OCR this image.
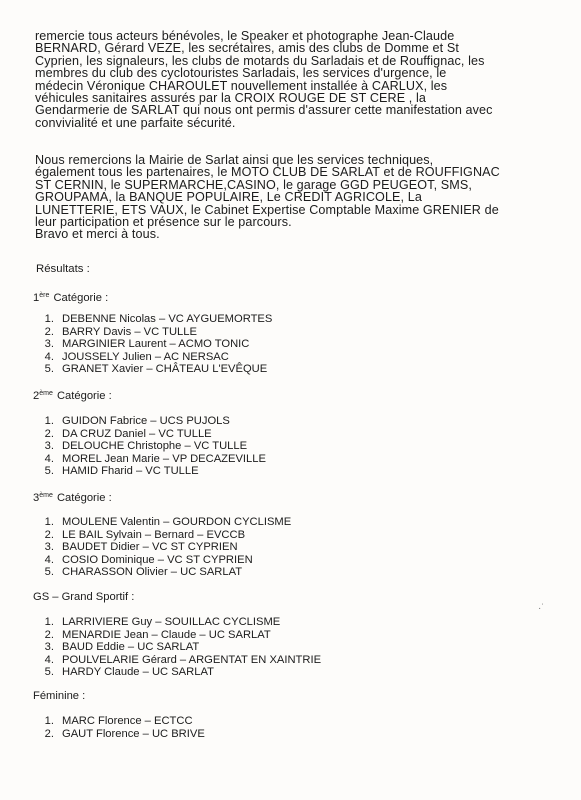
remercie tous acteurs bénévoles, le Speaker et photographe Jean-Claude
BERNARD, Gérard VEZE, les secrétaires, amis des clubs de Domme et St
Cyprien, les signaleurs, les clubs de motards du Sarladais et de Rouffignac, les
membres du club des cyclotouristes Sarladais, les services d'urgence, le
médecin Véronique CHAROULET nouvellement installée à CARLUX, les
véhicules sanitaires assurés par la CROIX ROUGE DE ST CERE , la
Gendarmerie de SARLAT qui nous ont permis d'assurer cette manifestation avec
convivialité et une parfaite sécurité.
Nous remercions la Mairie de Sarlat ainsi que les services techniques,
également tous les partenaires, le MOTO CLUB DE SARLAT et de ROUFFIGNAC
ST CERNIN, le SUPERMARCHE,CASINO, le garage GGD PEUGEOT, SMS,
GROUPAMA, la BANQUE POPULAIRE, Le CREDIT AGRICOLE, La
LUNETTERIE, ETS VAUX, le Cabinet Expertise Comptable Maxime GRENIER de
leur participation et présence sur le parcours.
Bravo et merci à tous.
Résultats :
1ère Catégorie :
1. DEBENNE Nicolas – VC AYGUEMORTES
2. BARRY Davis – VC TULLE
3. MARGINIER Laurent – ACMO TONIC
4. JOUSSELY Julien – AC NERSAC
5. GRANET Xavier – CHÂTEAU L'EVÊQUE
2ème Catégorie :
1. GUIDON Fabrice – UCS PUJOLS
2. DA CRUZ Daniel – VC TULLE
3. DELOUCHE Christophe – VC TULLE
4. MOREL Jean Marie – VP DECAZEVILLE
5. HAMID Fharid – VC TULLE
3ème Catégorie :
1. MOULENE Valentin – GOURDON CYCLISME
2. LE BAIL Sylvain – Bernard – EVCCB
3. BAUDET Didier – VC ST CYPRIEN
4. COSIO Dominique – VC ST CYPRIEN
5. CHARASSON Olivier – UC SARLAT
GS – Grand Sportif :
1. LARRIVIERE Guy – SOUILLAC CYCLISME
2. MENARDIE Jean – Claude – UC SARLAT
3. BAUD Eddie – UC SARLAT
4. POULVELARIE Gérard – ARGENTAT EN XAINTRIE
5. HARDY Claude – UC SARLAT
Féminine :
1. MARC Florence – ECTCC
2. GAUT Florence – UC BRIVE
·˙
